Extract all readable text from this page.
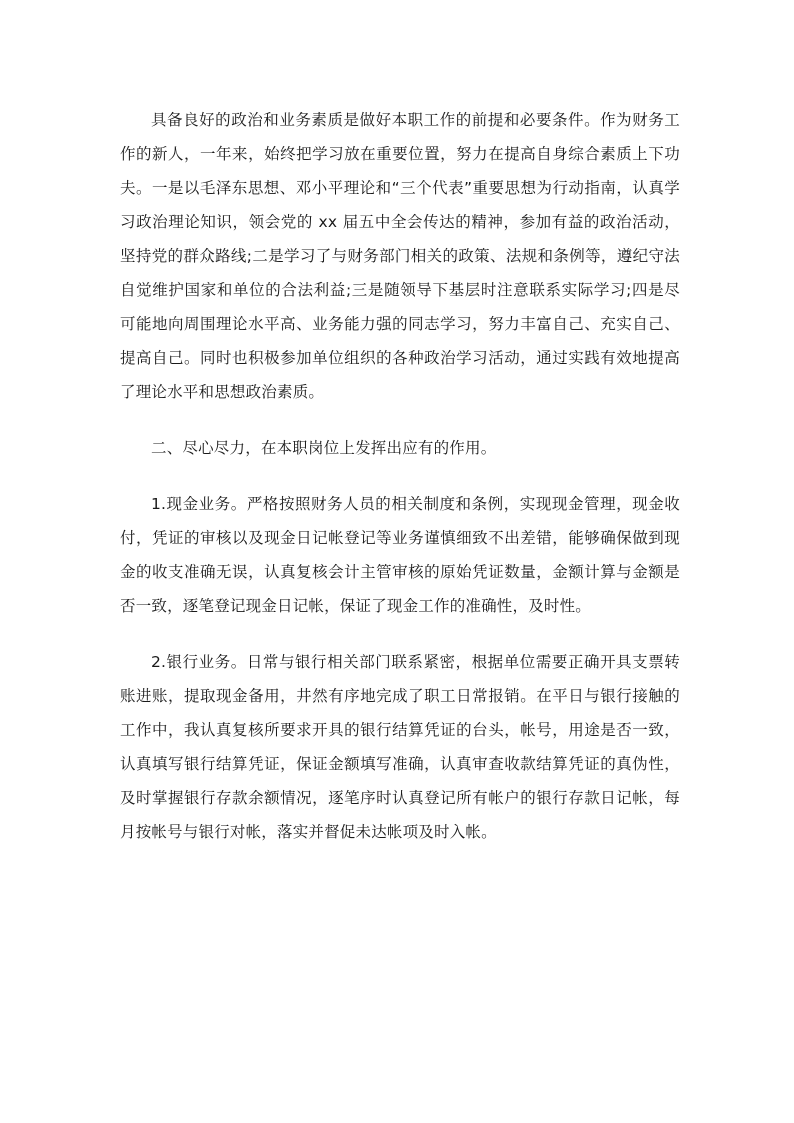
具备良好的政治和业务素质是做好本职工作的前提和必要条件。作为财务工作的新人，一年来，始终把学习放在重要位置，努力在提高自身综合素质上下功夫。一是以毛泽东思想、邓小平理论和“三个代表”重要思想为行动指南，认真学习政治理论知识，领会党的 xx 届五中全会传达的精神，参加有益的政治活动，坚持党的群众路线;二是学习了与财务部门相关的政策、法规和条例等，遵纪守法自觉维护国家和单位的合法利益;三是随领导下基层时注意联系实际学习;四是尽可能地向周围理论水平高、业务能力强的同志学习，努力丰富自己、充实自己、提高自己。同时也积极参加单位组织的各种政治学习活动，通过实践有效地提高了理论水平和思想政治素质。

二、尽心尽力，在本职岗位上发挥出应有的作用。

1.现金业务。严格按照财务人员的相关制度和条例，实现现金管理，现金收付，凭证的审核以及现金日记帐登记等业务谨慎细致不出差错，能够确保做到现金的收支准确无误，认真复核会计主管审核的原始凭证数量，金额计算与金额是否一致，逐笔登记现金日记帐，保证了现金工作的准确性，及时性。

2.银行业务。日常与银行相关部门联系紧密，根据单位需要正确开具支票转账进账，提取现金备用，井然有序地完成了职工日常报销。在平日与银行接触的工作中，我认真复核所要求开具的银行结算凭证的台头，帐号，用途是否一致，认真填写银行结算凭证，保证金额填写准确，认真审查收款结算凭证的真伪性，及时掌握银行存款余额情况，逐笔序时认真登记所有帐户的银行存款日记帐，每月按帐号与银行对帐，落实并督促未达帐项及时入帐。
